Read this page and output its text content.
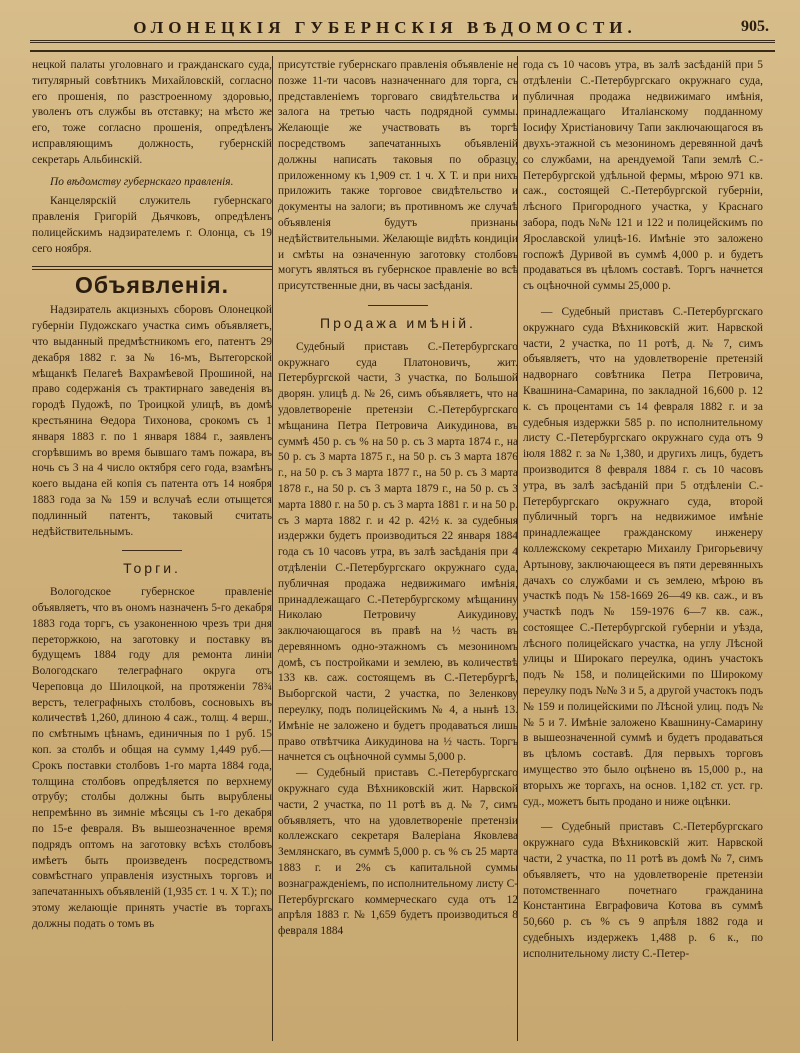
ОЛОНЕЦКІЯ ГУБЕРНСКІЯ ВѢДОМОСТИ.	905.

нецкой палаты уголовнаго и гражданскаго суда, титулярный совѣтникъ Михайловскій, согласно его прошенія, по разстроенному здоровью, уволенъ отъ службы въ отставку; на мѣсто же его, тоже согласно прошенія, опредѣленъ исправляющимъ должность, губернскій секретарь Альбинскій.

По вѣдомству губернскаго правленія.

Канцелярскій служитель губернскаго правленія Григорій Дьячковъ, опредѣленъ полицейскимъ надзирателемъ г. Олонца, съ 19 сего ноября.

Объявленія.

Надзиратель акцизныхъ сборовъ Олонецкой губерніи Пудожскаго участка симъ объявляетъ, что выданный предмѣстникомъ его, патентъ 29 декабря 1882 г. за № 16-мъ, Вытегорской мѣщанкѣ Пелагеѣ Вахрамѣевой Прошиной, на право содержанія съ трактирнаго заведенія въ городѣ Пудожѣ, по Троицкой улицѣ, въ домѣ крестьянина Ѳедора Тихонова, срокомъ съ 1 января 1883 г. по 1 января 1884 г., заявленъ сгорѣвшимъ во время бывшаго тамъ пожара, въ ночь съ 3 на 4 число октября сего года, взамѣнъ коего выдана ей копія съ патента отъ 14 ноября 1883 года за № 159 и вслучаѣ если отыщется подлинный патентъ, таковый считать недѣйствительнымъ.

Торги.

Вологодское губернское правленіе объявляетъ, что въ ономъ назначенъ 5-го декабря 1883 года торгъ, съ узаконенною чрезъ три дня переторжкою, на заготовку и поставку въ будущемъ 1884 году для ремонта линіи Вологодскаго телеграфнаго округа отъ Череповца до Шилоцкой, на протяженіи 78¾ верстъ, телеграфныхъ столбовъ, сосновыхъ въ количествѣ 1,260, длиною 4 саж., толщ. 4 верш., по смѣтнымъ цѣнамъ, единичныя по 1 руб. 15 коп. за столбъ и общая на сумму 1,449 руб.—Срокъ поставки столбовъ 1-го марта 1884 года, толщина столбовъ опредѣляется по верхнему отрубу; столбы должны быть вырублены непремѣнно въ зимніе мѣсяцы съ 1-го декабря по 15-е февраля. Въ вышеозначенное время подрядъ оптомъ на заготовку всѣхъ столбовъ имѣетъ быть произведенъ посредствомъ совмѣстнаго управленія изустныхъ торговъ и запечатанныхъ объявленій (1,935 ст. 1 ч. X Т.); по этому желающіе принять участіе въ торгахъ должны подать о томъ въ

присутствіе губернскаго правленія объявленіе не позже 11-ти часовъ назначеннаго для торга, съ представленіемъ торговаго свидѣтельства и залога на третью часть подрядной суммы. Желающіе же участвовать въ торгѣ посредствомъ запечатанныхъ объявленій должны написать таковыя по образцу, приложенному къ 1,909 ст. 1 ч. X Т. и при нихъ приложить также торговое свидѣтельство и документы на залоги; въ противномъ же случаѣ объявленія будутъ признаны недѣйствительными. Желающіе видѣть кондиціи и смѣты на означенную заготовку столбовъ могутъ являться въ губернское правленіе во всѣ присутственные дни, въ часы засѣданія.

Продажа имѣній.

Судебный приставъ С.-Петербургскаго окружнаго суда Платоновичъ, жит. Петербургской части, 3 участка, по Большой дворян. улицѣ д. № 26, симъ объявляетъ, что на удовлетвореніе претензіи С.-Петербургскаго мѣщанина Петра Петровича Аикудинова, въ суммѣ 450 р. съ % на 50 р. съ 3 марта 1874 г., на 50 р. съ 3 марта 1875 г., на 50 р. съ 3 марта 1876 г., на 50 р. съ 3 марта 1877 г., на 50 р. съ 3 марта 1878 г., на 50 р. съ 3 марта 1879 г., на 50 р. съ 3 марта 1880 г. на 50 р. съ 3 марта 1881 г. и на 50 р. съ 3 марта 1882 г. и 42 р. 42½ к. за судебныя издержки будетъ производиться 22 января 1884 года съ 10 часовъ утра, въ залѣ засѣданія при 4 отдѣленіи С.-Петербургскаго окружнаго суда, публичная продажа недвижимаго имѣнія, принадлежащаго С.-Петербургскому мѣщанину Николаю Петровичу Аикудинову, заключающагося въ правѣ на ½ часть въ деревянномъ одно-этажномъ съ мезониномъ домѣ, съ постройками и землею, въ количествѣ 133 кв. саж. состоящемъ въ С.-Петербургѣ, Выборгской части, 2 участка, по Зеленкову переулку, подъ полицейскимъ № 4, а нынѣ 13. Имѣніе не заложено и будетъ продаваться лишь право отвѣтчика Аикудинова на ½ часть. Торгъ начнется съ оцѣночной суммы 5,000 р.

— Судебный приставъ С.-Петербургскаго окружнаго суда Вѣхниковскій жит. Нарвской части, 2 участка, по 11 ротѣ въ д. № 7, симъ объявляетъ, что на удовлетвореніе претензіи коллежскаго секретаря Валеріана Яковлева Землянскаго, въ суммѣ 5,000 р. съ % съ 25 марта 1883 г. и 2% съ капитальной суммы вознагражденіемъ, по исполнительному листу С-Петербургскаго коммерческаго суда отъ 12 апрѣля 1883 г. № 1,659 будетъ производиться 8 февраля 1884

года съ 10 часовъ утра, въ залѣ засѣданій при 5 отдѣленіи С.-Петербургскаго окружнаго суда, публичная продажа недвижимаго имѣнія, принадлежащаго Италіанскому подданному Іосифу Христіановичу Тапи заключающагося въ двухъ-этажной съ мезониномъ деревянной дачѣ со службами, на арендуемой Тапи землѣ С.-Петербургской удѣльной фермы, мѣрою 971 кв. саж., состоящей С.-Петербургской губерніи, лѣсного Пригородного участка, у Краснаго забора, подъ №№ 121 и 122 и полицейскимъ по Ярославской улицѣ-16. Имѣніе это заложено госпожѣ Дуривой въ суммѣ 4,000 р. и будетъ продаваться въ цѣломъ составѣ. Торгъ начнется съ оцѣночной суммы 25,000 р.

— Судебный приставъ С.-Петербургскаго окружнаго суда Вѣхниковскій жит. Нарвской части, 2 участка, по 11 ротѣ, д. № 7, симъ объявляетъ, что на удовлетвореніе претензій надворнаго совѣтника Петра Петровича, Квашнина-Самарина, по закладной 16,600 р. 12 к. съ процентами съ 14 февраля 1882 г. и за судебныя издержки 585 р. по исполнительному листу С.-Петербургскаго окружнаго суда отъ 9 іюля 1882 г. за № 1,380, и другихъ лицъ, будетъ производится 8 февраля 1884 г. съ 10 часовъ утра, въ залѣ засѣданій при 5 отдѣленіи С.-Петербургскаго окружнаго суда, второй публичный торгъ на недвижимое имѣніе принадлежащее гражданскому инженеру коллежскому секретарю Михаилу Григорьевичу Артынову, заключающееся въ пяти деревянныхъ дачахъ со службами и съ землею, мѣрою въ участкѣ подъ № 158-1669 26—49 кв. саж., и въ участкѣ подъ № 159-1976 6—7 кв. саж., состоящее С.-Петербургской губерніи и уѣзда, лѣсного полицейскаго участка, на углу Лѣсной улицы и Широкаго переулка, одинъ участокъ подъ № 158, и полицейскими по Широкому переулку подъ №№ 3 и 5, а другой участокъ подъ № 159 и полицейскими по Лѣсной улиц. подъ №№ 5 и 7. Имѣніе заложено Квашнину-Самарину в вышеозначенной суммѣ и будетъ продаваться въ цѣломъ составѣ. Для первыхъ торговъ имущество это было оцѣнено въ 15,000 р., на вторыхъ же торгахъ, на основ. 1,182 ст. уст. гр. суд., можетъ быть продано и ниже оцѣнки.

— Судебный приставъ С.-Петербургскаго окружнаго суда Вѣхниковскій жит. Нарвской части, 2 участка, по 11 ротѣ въ домѣ № 7, симъ объявляетъ, что на удовлетвореніе претензіи потомственнаго почетнаго гражданина Константина Евграфовича Котова въ суммѣ 50,660 р. съ % съ 9 апрѣля 1882 года и судебныхъ издержекъ 1,488 р. 6 к., по исполнительному листу С.-Петер-
